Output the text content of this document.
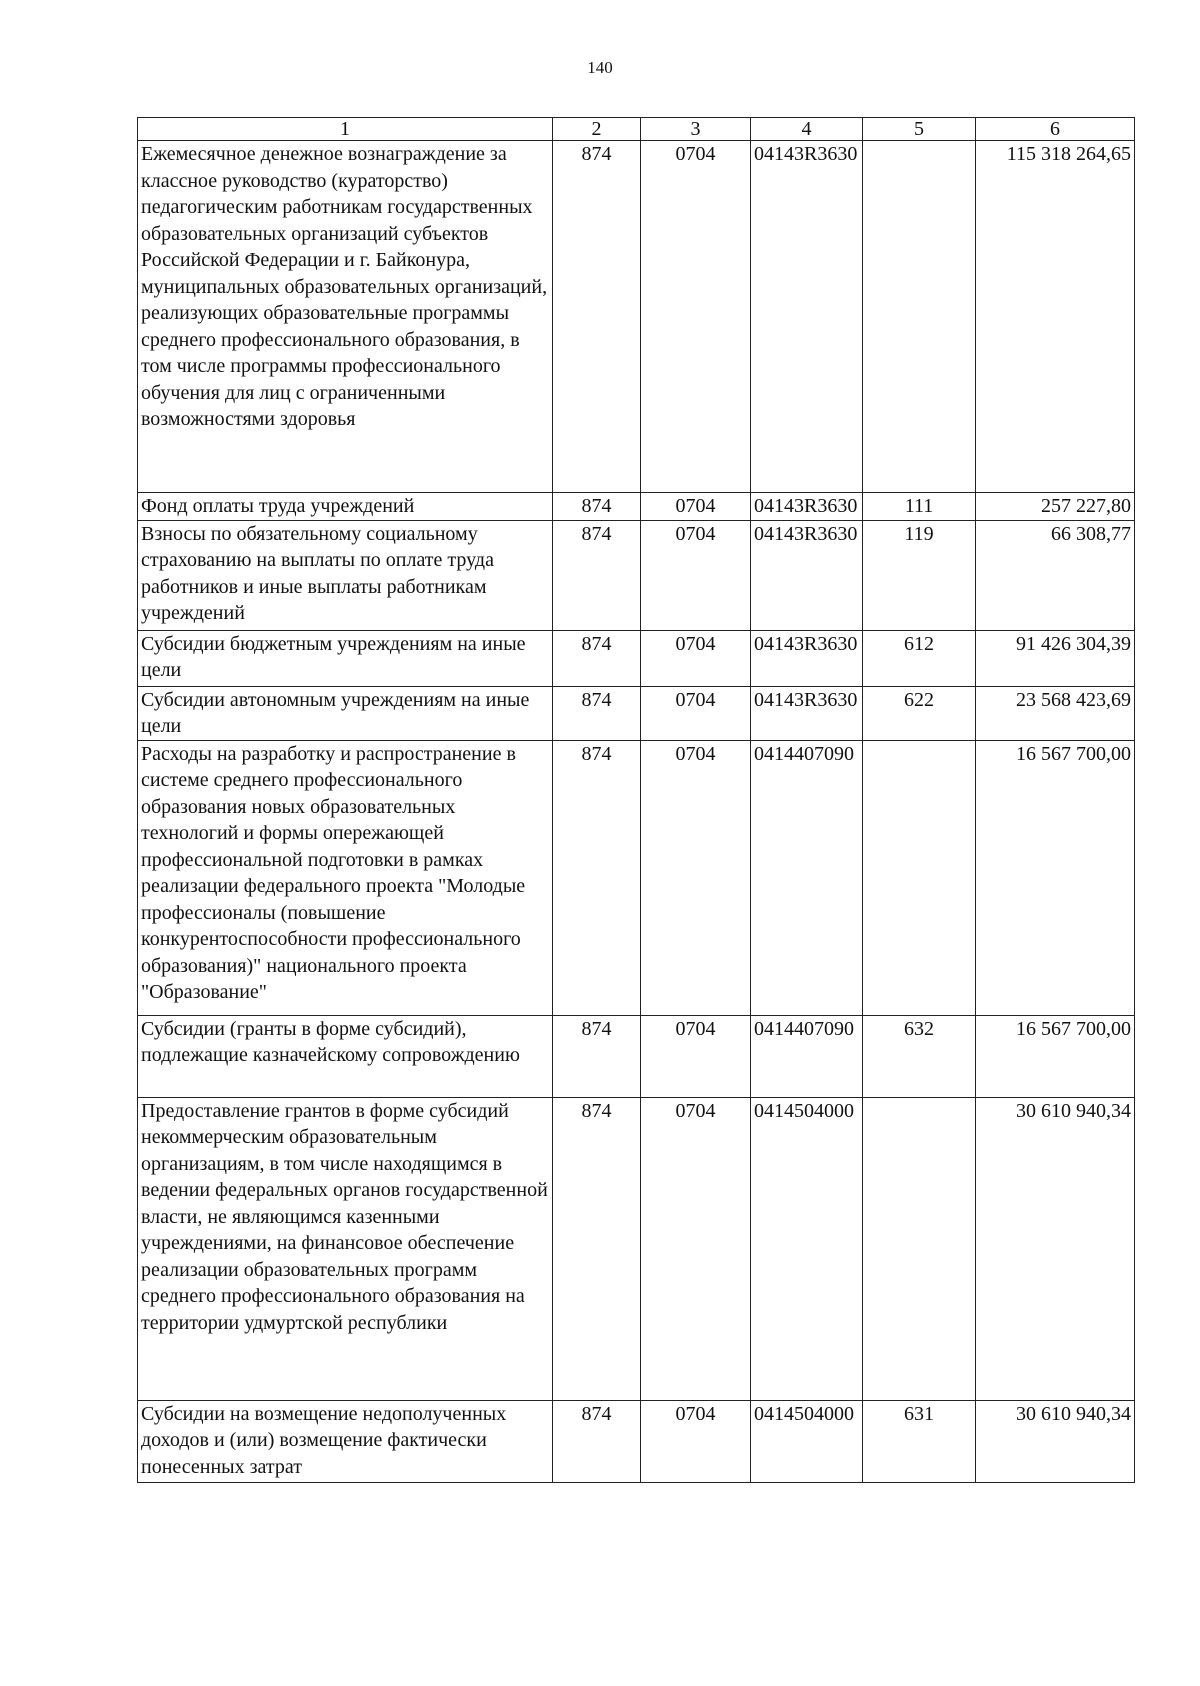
140
1	2	3	4	5	6
Ежемесячное денежное вознаграждение за классное руководство (кураторство) педагогическим работникам государственных образовательных организаций субъектов Российской Федерации и г. Байконура, муниципальных образовательных организаций, реализующих образовательные программы среднего профессионального образования, в том числе программы профессионального обучения для лиц с ограниченными возможностями здоровья	874	0704	04143R3630		115 318 264,65
Фонд оплаты труда учреждений	874	0704	04143R3630	111	257 227,80
Взносы по обязательному социальному страхованию на выплаты по оплате труда работников и иные выплаты работникам учреждений	874	0704	04143R3630	119	66 308,77
Субсидии бюджетным учреждениям на иные цели	874	0704	04143R3630	612	91 426 304,39
Субсидии автономным учреждениям на иные цели	874	0704	04143R3630	622	23 568 423,69
Расходы на разработку и распространение в системе среднего профессионального образования новых образовательных технологий и формы опережающей профессиональной подготовки в рамках реализации федерального проекта "Молодые профессионалы (повышение конкурентоспособности профессионального образования)" национального проекта "Образование"	874	0704	0414407090		16 567 700,00
Субсидии (гранты в форме субсидий), подлежащие казначейскому сопровождению	874	0704	0414407090	632	16 567 700,00
Предоставление грантов в форме субсидий некоммерческим образовательным организациям, в том числе находящимся в ведении федеральных органов государственной власти, не являющимся казенными учреждениями, на финансовое обеспечение реализации образовательных программ среднего профессионального образования на территории удмуртской республики	874	0704	0414504000		30 610 940,34
Субсидии на возмещение недополученных доходов и (или) возмещение фактически понесенных затрат	874	0704	0414504000	631	30 610 940,34
